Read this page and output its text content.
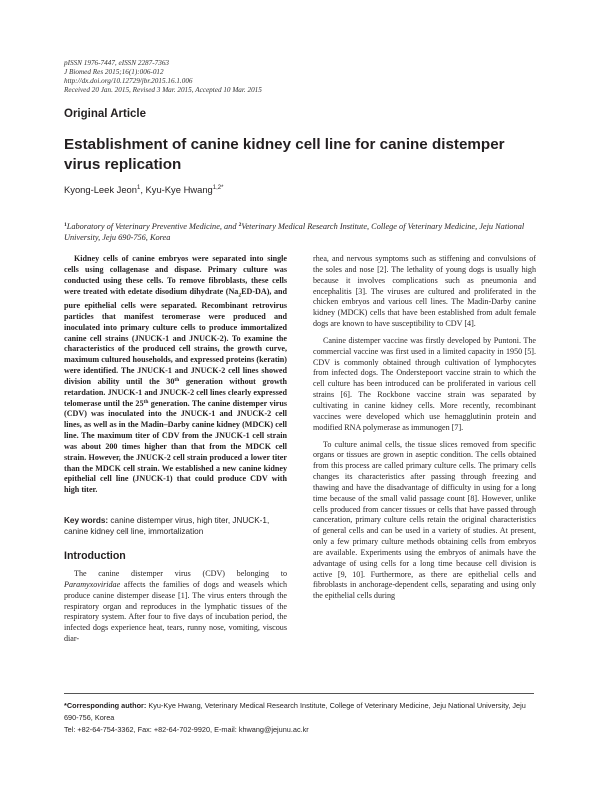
pISSN 1976-7447, eISSN 2287-7363
J Biomed Res 2015;16(1):006-012
http://dx.doi.org/10.12729/jbr.2015.16.1.006
Received 20 Jan. 2015, Revised 3 Mar. 2015, Accepted 10 Mar. 2015
Original Article
Establishment of canine kidney cell line for canine distemper virus replication
Kyong-Leek Jeon$^1$, Kyu-Kye Hwang$^{1,2*}$
$^1$Laboratory of Veterinary Preventive Medicine, and $^2$Veterinary Medical Research Institute, College of Veterinary Medicine, Jeju National University, Jeju 690-756, Korea

Kidney cells of canine embryos were separated into single cells using collagenase and dispase. Primary culture was conducted using these cells. To remove fibroblasts, these cells were treated with edetate disodium dihydrate $(Na_2ED-DA)$, and pure epithelial cells were separated. Recombinant retrovirus particles that manifest teromerase were produced and inoculated into primary culture cells to produce immortalized canine cell strains (JNUCK-1 and JNUCK-2). To examine the characteristics of the produced cell strains, the growth curve, maximum cultured households, and expressed proteins (keratin) were identified. The JNUCK-1 and JNUCK-2 cell lines showed division ability until the 30th generation without growth retardation. JNUCK-1 and JNUCK-2 cell lines clearly expressed telomerase until the 25th generation. The canine distemper virus (CDV) was inoculated into the JNUCK-1 and JNUCK-2 cell lines, as well as in the Madin–Darby canine kidney (MDCK) cell line. The maximum titer of CDV from the JNUCK-1 cell strain was about 200 times higher than that from the MDCK cell strain. However, the JNUCK-2 cell strain produced a lower titer than the MDCK cell strain. We established a new canine kidney epithelial cell line (JNUCK-1) that could produce CDV with high titer.

Key words: canine distemper virus, high titer, JNUCK-1, canine kidney cell line, immortalization
Introduction

The canine distemper virus (CDV) belonging to Paramyxoviridae affects the families of dogs and weasels which produce canine distemper disease [1]. The virus enters through the respiratory organ and reproduces in the lymphatic tissues of the respiratory system. After four to five days of incubation period, the infected dogs experience heat, tears, runny nose, vomiting, viscous diar-

rhea, and nervous symptoms such as stiffening and convulsions of the soles and nose [2]. The lethality of young dogs is usually high because it involves complications such as pneumonia and encephalitis [3]. The viruses are cultured and proliferated in the chicken embryos and various cell lines. The Madin-Darby canine kidney (MDCK) cells that have been established from adult female dogs are known to have susceptibility to CDV [4].

Canine distemper vaccine was firstly developed by Puntoni. The commercial vaccine was first used in a limited capacity in 1950 [5]. CDV is commonly obtained through cultivation of lymphocytes from infected dogs. The Onderstepoort vaccine strain to which the cell culture has been introduced can be proliferated in various cell strains [6]. The Rockbone vaccine strain was separated by cultivating in canine kidney cells. More recently, recombinant vaccines were developed which use hemagglutinin protein and modified RNA polymerase as immunogen [7].

To culture animal cells, the tissue slices removed from specific organs or tissues are grown in aseptic condition. The cells obtained from this process are called primary culture cells. The primary cells changes its characteristics after passing through freezing and thawing and have the disadvantage of difficulty in using for a long time because of the small valid passage count [8]. However, unlike cells produced from cancer tissues or cells that have passed through canceration, primary culture cells retain the original characteristics of general cells and can be used in a variety of studies. At present, only a few primary culture methods obtaining cells from embryos are available. Experiments using the embryos of animals have the advantage of using cells for a long time because cell division is active [9, 10]. Furthermore, as there are epithelial cells and fibroblasts in anchorage-dependent cells, separating and using only the epithelial cells during

*Corresponding author: Kyu-Kye Hwang, Veterinary Medical Research Institute, College of Veterinary Medicine, Jeju National University, Jeju 690-756, Korea
Tel: +82-64-754-3362, Fax: +82-64-702-9920, E-mail: khwang@jejunu.ac.kr
